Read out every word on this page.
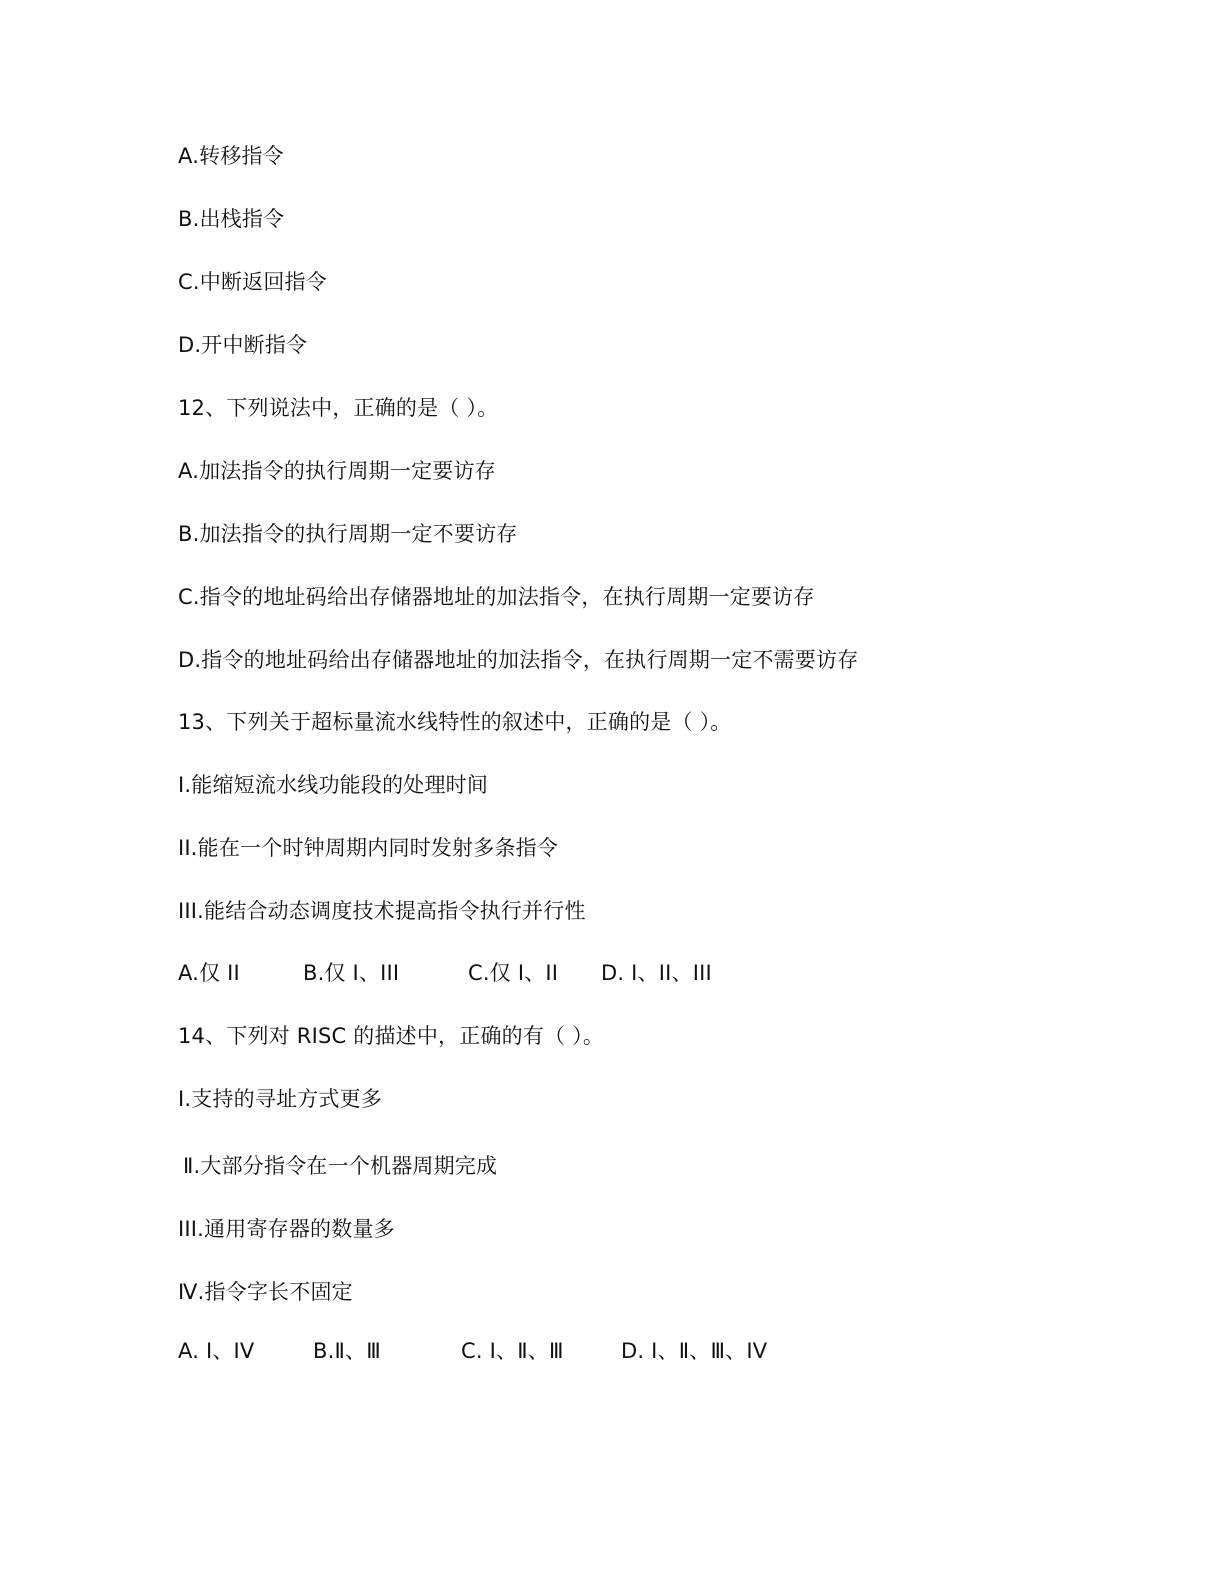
A.转移指令
B.出栈指令
C.中断返回指令
D.开中断指令
12、下列说法中，正确的是（ ）。
A.加法指令的执行周期一定要访存
B.加法指令的执行周期一定不要访存
C.指令的地址码给出存储器地址的加法指令，在执行周期一定要访存
D.指令的地址码给出存储器地址的加法指令，在执行周期一定不需要访存
13、下列关于超标量流水线特性的叙述中，正确的是（ ）。
I.能缩短流水线功能段的处理时间
II.能在一个时钟周期内同时发射多条指令
III.能结合动态调度技术提高指令执行并行性
A.仅 II	B.仅 I、III	C.仅 I、II	D. I、II、III
14、下列对 RISC 的描述中，正确的有（ ）。
I.支持的寻址方式更多
Ⅱ.大部分指令在一个机器周期完成
III.通用寄存器的数量多
Ⅳ.指令字长不固定
A. I、IV	B.Ⅱ、Ⅲ	C. I、Ⅱ、Ⅲ	D. I、Ⅱ、Ⅲ、IV
